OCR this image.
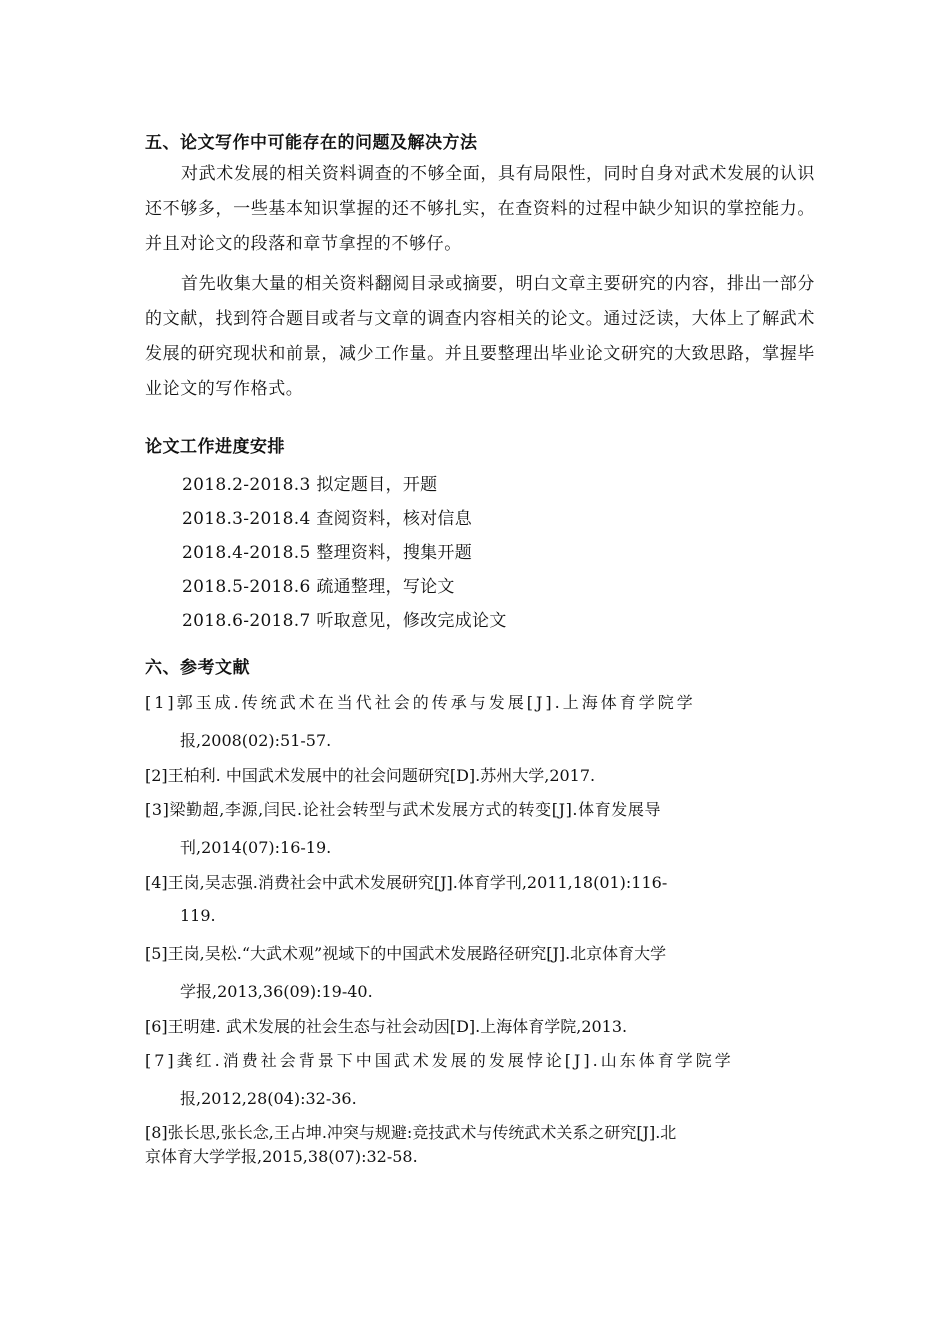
五、论文写作中可能存在的问题及解决方法
对武术发展的相关资料调查的不够全面，具有局限性，同时自身对武术发展的认识还不够多，一些基本知识掌握的还不够扎实，在查资料的过程中缺少知识的掌控能力。并且对论文的段落和章节拿捏的不够仔。
首先收集大量的相关资料翻阅目录或摘要，明白文章主要研究的内容，排出一部分的文献，找到符合题目或者与文章的调查内容相关的论文。通过泛读，大体上了解武术发展的研究现状和前景，减少工作量。并且要整理出毕业论文研究的大致思路，掌握毕业论文的写作格式。
论文工作进度安排
2018.2-2018.3 拟定题目，开题
2018.3-2018.4 查阅资料，核对信息
2018.4-2018.5 整理资料，搜集开题
2018.5-2018.6 疏通整理，写论文
2018.6-2018.7 听取意见，修改完成论文
六、参考文献
[1]郭玉成.传统武术在当代社会的传承与发展[J].上海体育学院学
报,2008(02):51-57.
[2]王柏利. 中国武术发展中的社会问题研究[D].苏州大学,2017.
[3]梁勤超,李源,闫民.论社会转型与武术发展方式的转变[J].体育发展导
刊,2014(07):16-19.
[4]王岗,吴志强.消费社会中武术发展研究[J].体育学刊,2011,18(01):116-
119.
[5]王岗,吴松.“大武术观”视域下的中国武术发展路径研究[J].北京体育大学
学报,2013,36(09):19-40.
[6]王明建. 武术发展的社会生态与社会动因[D].上海体育学院,2013.
[7]龚红.消费社会背景下中国武术发展的发展悖论[J].山东体育学院学
报,2012,28(04):32-36.
[8]张长思,张长念,王占坤.冲突与规避:竞技武术与传统武术关系之研究[J].北
京体育大学学报,2015,38(07):32-58.
